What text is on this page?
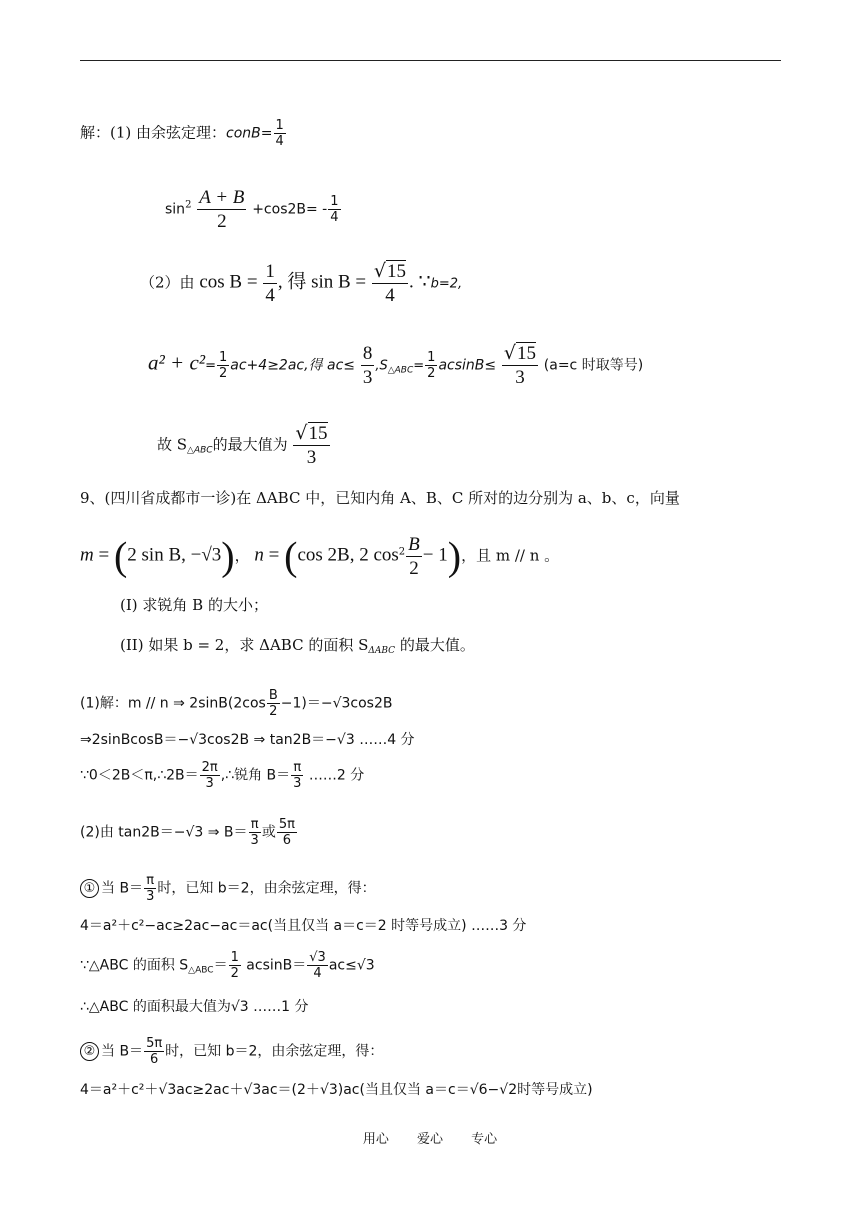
解：(1) 由余弦定理：conB= $\frac{1}{4}$
$\sin^2 \frac{A + B}{2} +\cos 2B= - \frac{1}{4}$
（2）由 $\cos B = \frac{1}{4}$ , 得 $\sin B = \frac{√15}{4}$ . ∵b=2,
$a^2 + c^2= \frac{1}{2} ac+4\ge 2ac$,得 $ac\le \frac{8}{3} ,S_{\triangle ABC}= \frac{1}{2} acsinB\le \frac{√15}{3} (a=c$ 时取等号)
故 $S_{\triangle ABC}$的最大值为 $\frac{√15}{3}$
9、(四川省成都市一诊)在 ΔABC 中，已知内角 A、B、C 所对的边分别为 a、b、c，向量
m = (2 sin B, −√3)， n = (cos 2B, 2 $\cos^2 \frac{B}{2} - 1$)，且 m // n 。
(I) 求锐角 B 的大小；
(II) 如果 b = 2，求 ΔABC 的面积 $S_{\Delta ABC}$ 的最大值。
(1)解：m // n ⇒ $2\sin B(2\cos \frac{B}{2} -1)=-√3\cos 2B$
⇒2sinBcosB＝−√3cos2B ⇒ tan2B＝−√3 ……4 分
∵0＜2B＜π,∴2B＝ $\frac{2\pi}{3}$ ,∴锐角 $B= \frac{\pi}{3}$ ……2 分
(2)由 tan2B＝−√3 ⇒ $B= \frac{\pi}{3}$ 或 $\frac{5\pi}{6}$
① 当 $B= \frac{\pi}{3}$ 时，已知 b＝2，由余弦定理，得：
4＝a²＋c²−ac≥2ac−ac＝ac(当且仅当 a＝c＝2 时等号成立) ……3 分
∵△ABC 的面积 $S_{\triangle ABC}= \frac{1}{2} acsinB= \frac{√3}{4} ac\le√3$
∴△ABC 的面积最大值为√3 ……1 分
② 当 $B= \frac{5\pi}{6}$ 时，已知 b＝2，由余弦定理，得：
4＝a²＋c²＋√3ac≥2ac＋√3ac＝(2＋√3)ac(当且仅当 a＝c＝√6−√2时等号成立)
用心 爱心 专心
